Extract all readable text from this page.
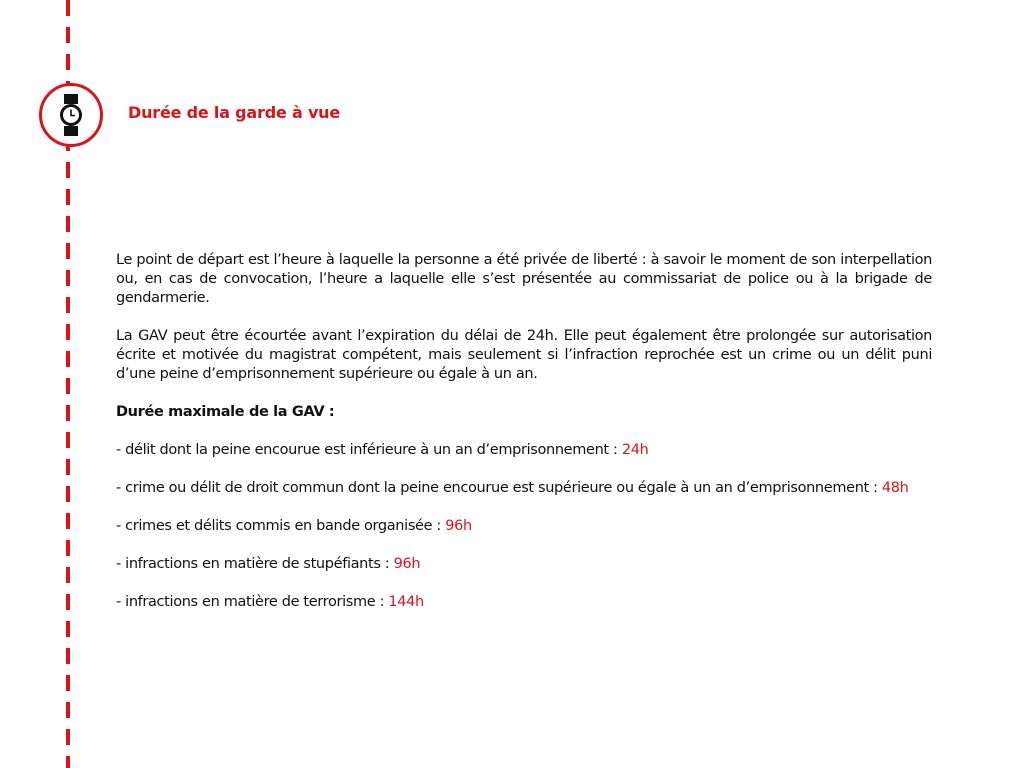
Durée de la garde à vue

Le point de départ est l’heure à laquelle la personne a été privée de liberté : à savoir le moment de son interpellation ou, en cas de convocation, l’heure a laquelle elle s’est présentée au commissariat de police ou à la brigade de gendarmerie.

La GAV peut être écourtée avant l’expiration du délai de 24h. Elle peut également être prolongée sur autorisation écrite et motivée du magistrat compétent, mais seulement si l’infraction reprochée est un crime ou un délit puni d’une peine d’emprisonnement supérieure ou égale à un an.

Durée maximale de la GAV :

- délit dont la peine encourue est inférieure à un an d’emprisonnement : 24h

- crime ou délit de droit commun dont la peine encourue est supérieure ou égale à un an d’emprisonnement : 48h

- crimes et délits commis en bande organisée : 96h

- infractions en matière de stupéfiants : 96h

- infractions en matière de terrorisme : 144h
